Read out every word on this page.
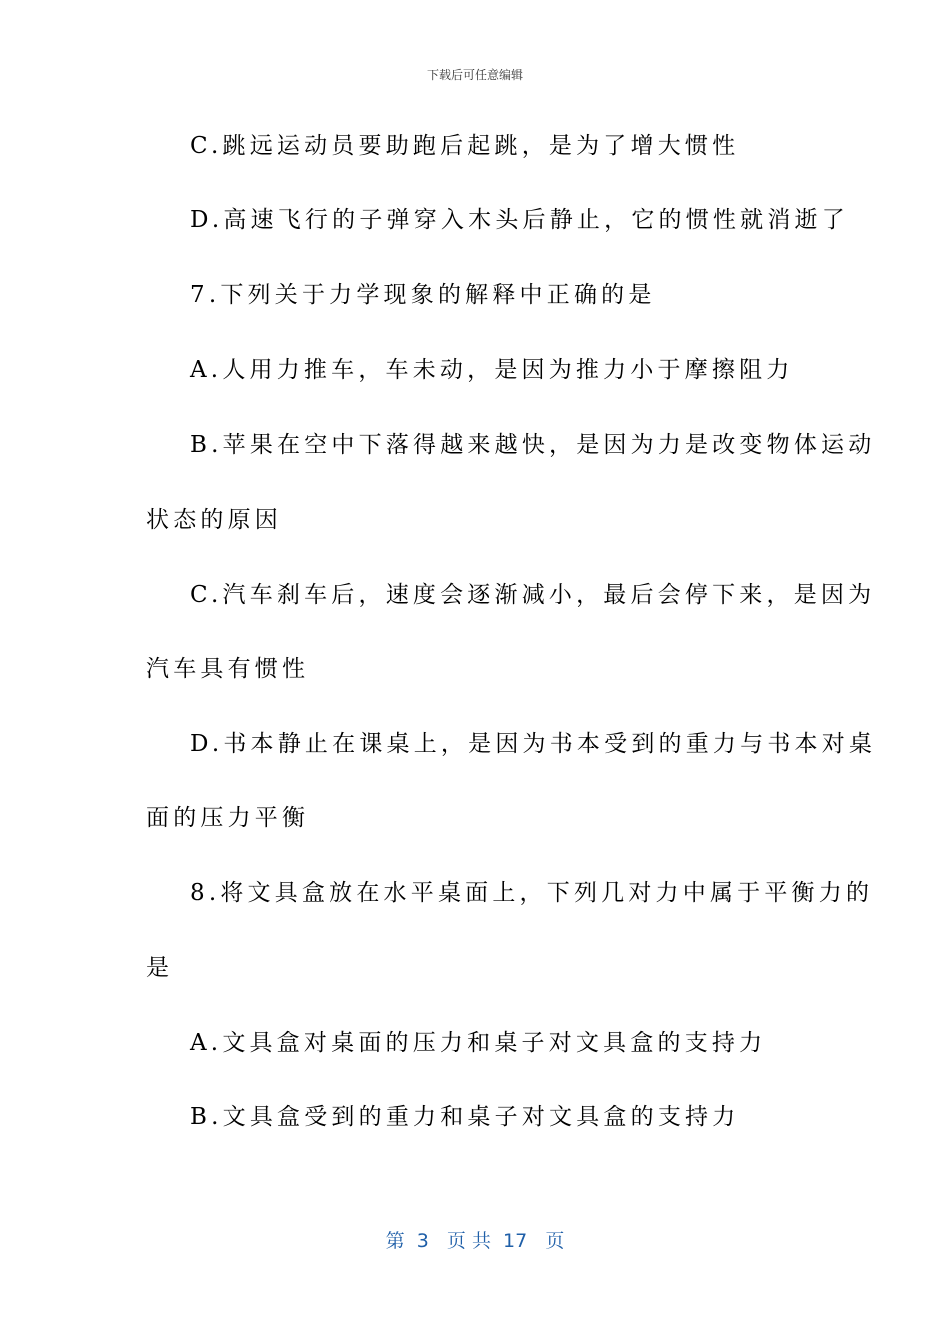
下载后可任意编辑
C.跳远运动员要助跑后起跳，是为了增大惯性
D.高速飞行的子弹穿入木头后静止，它的惯性就消逝了
7.下列关于力学现象的解释中正确的是
A.人用力推车，车未动，是因为推力小于摩擦阻力
B.苹果在空中下落得越来越快，是因为力是改变物体运动
状态的原因
C.汽车刹车后，速度会逐渐减小，最后会停下来，是因为
汽车具有惯性
D.书本静止在课桌上，是因为书本受到的重力与书本对桌
面的压力平衡
8.将文具盒放在水平桌面上，下列几对力中属于平衡力的
是
A.文具盒对桌面的压力和桌子对文具盒的支持力
B.文具盒受到的重力和桌子对文具盒的支持力
第  3   页 共  17   页
